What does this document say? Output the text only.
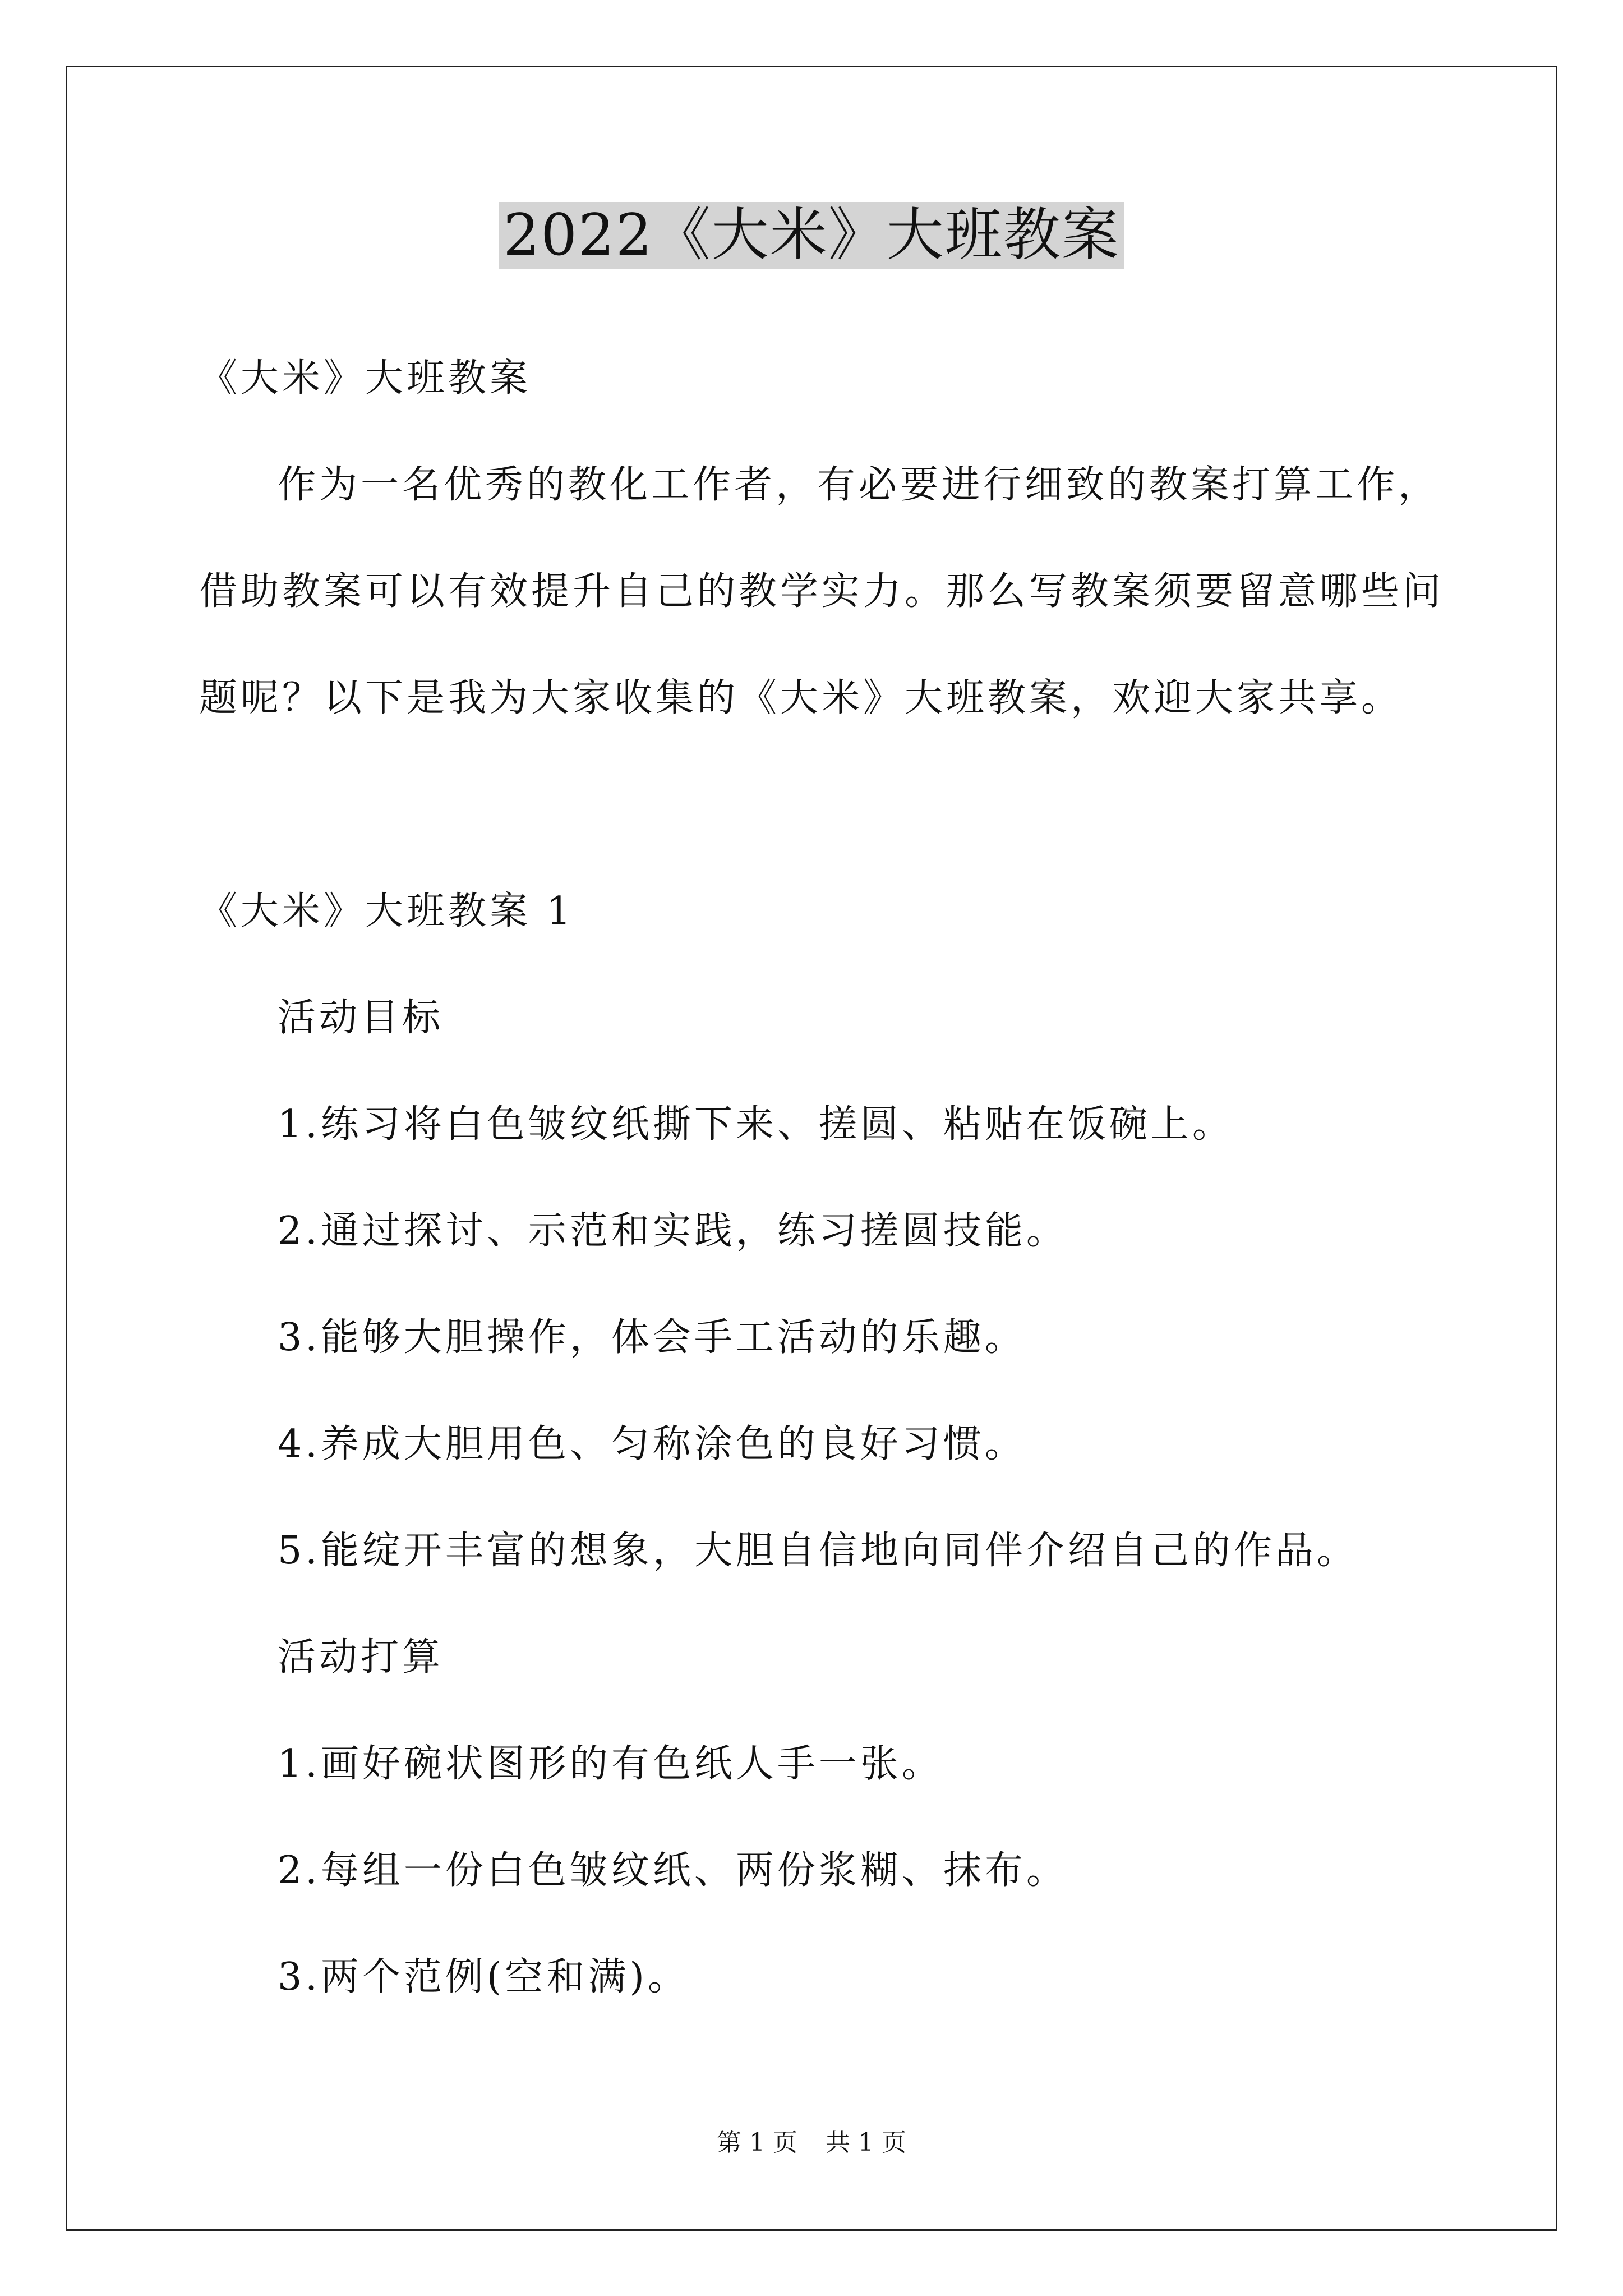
2022《大米》大班教案
《大米》大班教案
作为一名优秀的教化工作者，有必要进行细致的教案打算工作，
借助教案可以有效提升自己的教学实力。那么写教案须要留意哪些问
题呢？以下是我为大家收集的《大米》大班教案，欢迎大家共享。
《大米》大班教案 1
活动目标
1.练习将白色皱纹纸撕下来、搓圆、粘贴在饭碗上。
2.通过探讨、示范和实践，练习搓圆技能。
3.能够大胆操作，体会手工活动的乐趣。
4.养成大胆用色、匀称涂色的良好习惯。
5.能绽开丰富的想象，大胆自信地向同伴介绍自己的作品。
活动打算
1.画好碗状图形的有色纸人手一张。
2.每组一份白色皱纹纸、两份浆糊、抹布。
3.两个范例(空和满)。
第 1 页 共 1 页
